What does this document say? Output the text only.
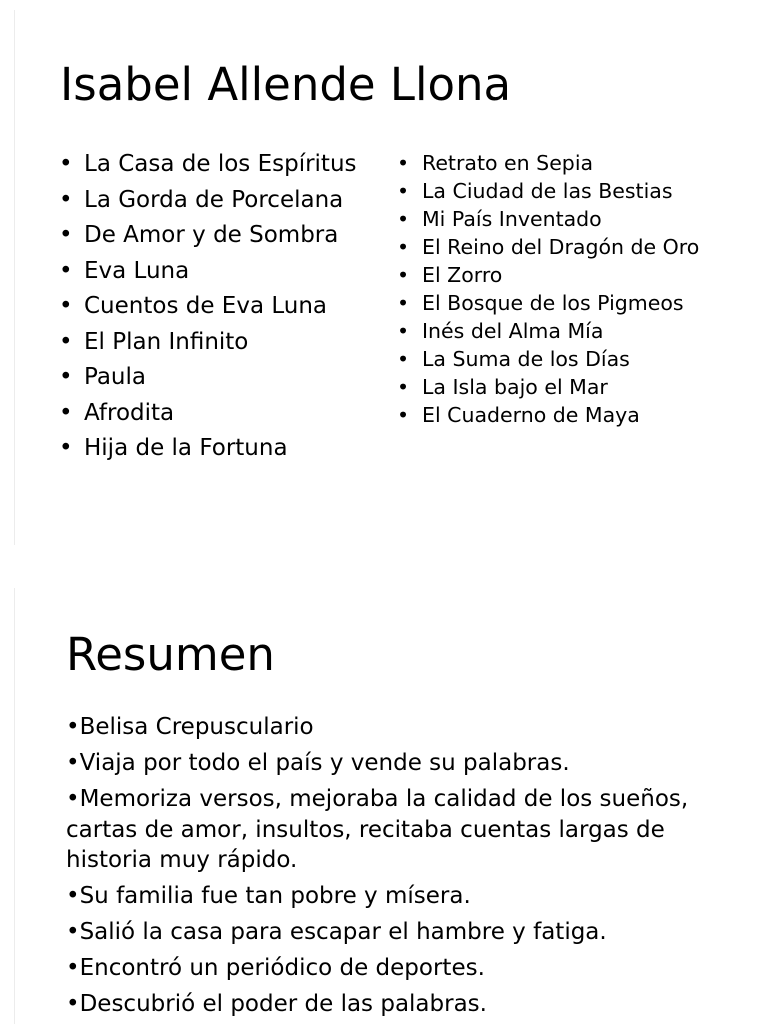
Isabel Allende Llona
• La Casa de los Espíritus
• La Gorda de Porcelana
• De Amor y de Sombra
• Eva Luna
• Cuentos de Eva Luna
• El Plan Infinito
• Paula
• Afrodita
• Hija de la Fortuna
• Retrato en Sepia
• La Ciudad de las Bestias
• Mi País Inventado
• El Reino del Dragón de Oro
• El Zorro
• El Bosque de los Pigmeos
• Inés del Alma Mía
• La Suma de los Días
• La Isla bajo el Mar
• El Cuaderno de Maya
Resumen
•Belisa Crepusculario
•Viaja por todo el país y vende su palabras.
•Memoriza versos, mejoraba la calidad de los sueños, cartas de amor, insultos, recitaba cuentas largas de historia muy rápido.
•Su familia fue tan pobre y mísera.
•Salió la casa para escapar el hambre y fatiga.
•Encontró un periódico de deportes.
•Descubrió el poder de las palabras.
